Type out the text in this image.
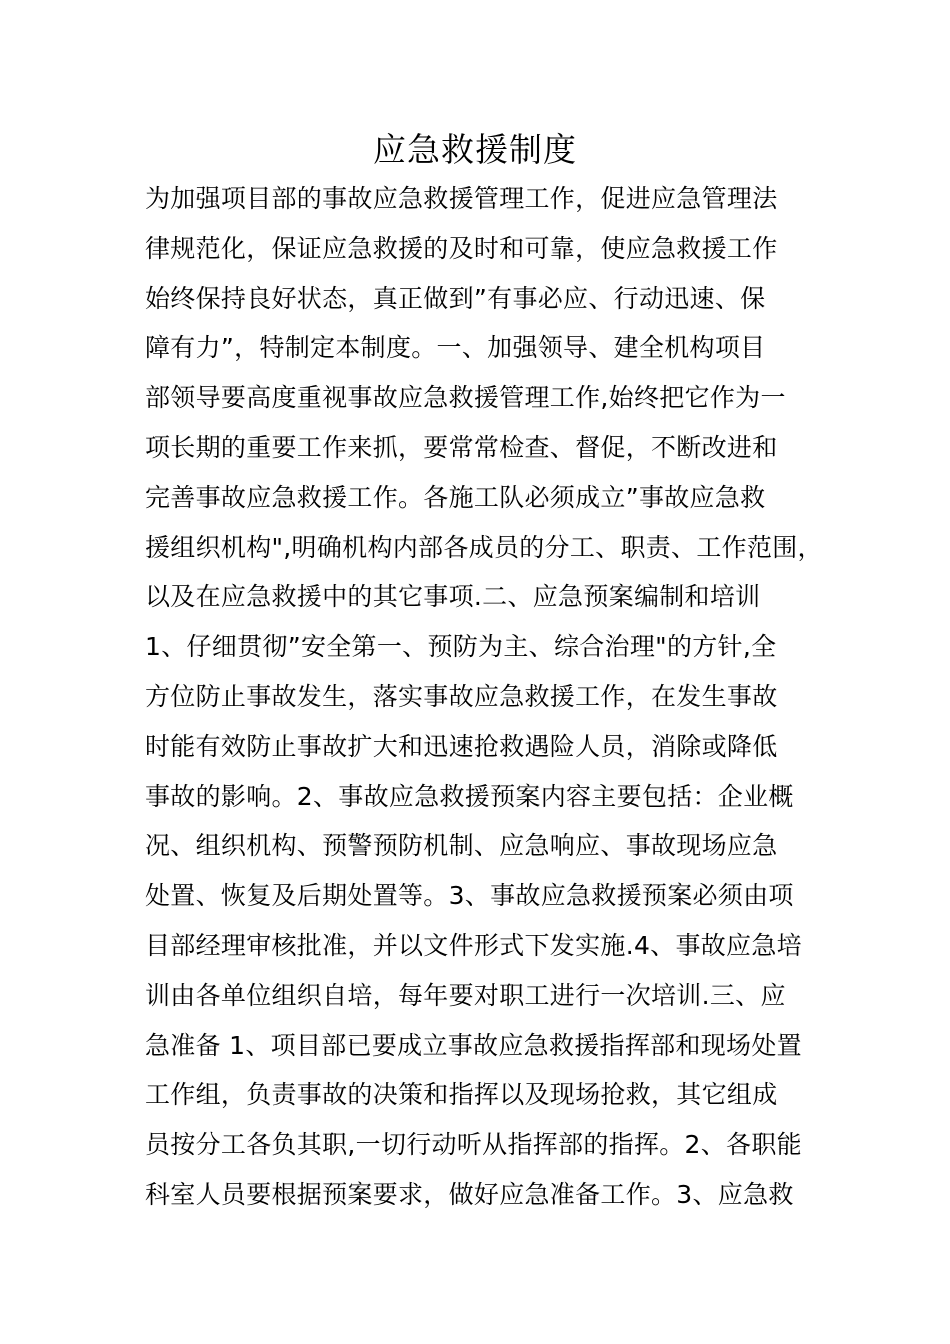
应急救援制度
为加强项目部的事故应急救援管理工作，促进应急管理法
律规范化，保证应急救援的及时和可靠，使应急救援工作
始终保持良好状态，真正做到”有事必应、行动迅速、保
障有力”，特制定本制度。一、加强领导、建全机构项目
部领导要高度重视事故应急救援管理工作,始终把它作为一
项长期的重要工作来抓，要常常检查、督促，不断改进和
完善事故应急救援工作。各施工队必须成立”事故应急救
援组织机构",明确机构内部各成员的分工、职责、工作范围，
以及在应急救援中的其它事项.二、应急预案编制和培训
1、仔细贯彻”安全第一、预防为主、综合治理"的方针,全
方位防止事故发生，落实事故应急救援工作，在发生事故
时能有效防止事故扩大和迅速抢救遇险人员，消除或降低
事故的影响。2、事故应急救援预案内容主要包括：企业概
况、组织机构、预警预防机制、应急响应、事故现场应急
处置、恢复及后期处置等。3、事故应急救援预案必须由项
目部经理审核批准，并以文件形式下发实施.4、事故应急培
训由各单位组织自培，每年要对职工进行一次培训.三、应
急准备 1、项目部已要成立事故应急救援指挥部和现场处置
工作组，负责事故的决策和指挥以及现场抢救，其它组成
员按分工各负其职,一切行动听从指挥部的指挥。2、各职能
科室人员要根据预案要求，做好应急准备工作。3、应急救
